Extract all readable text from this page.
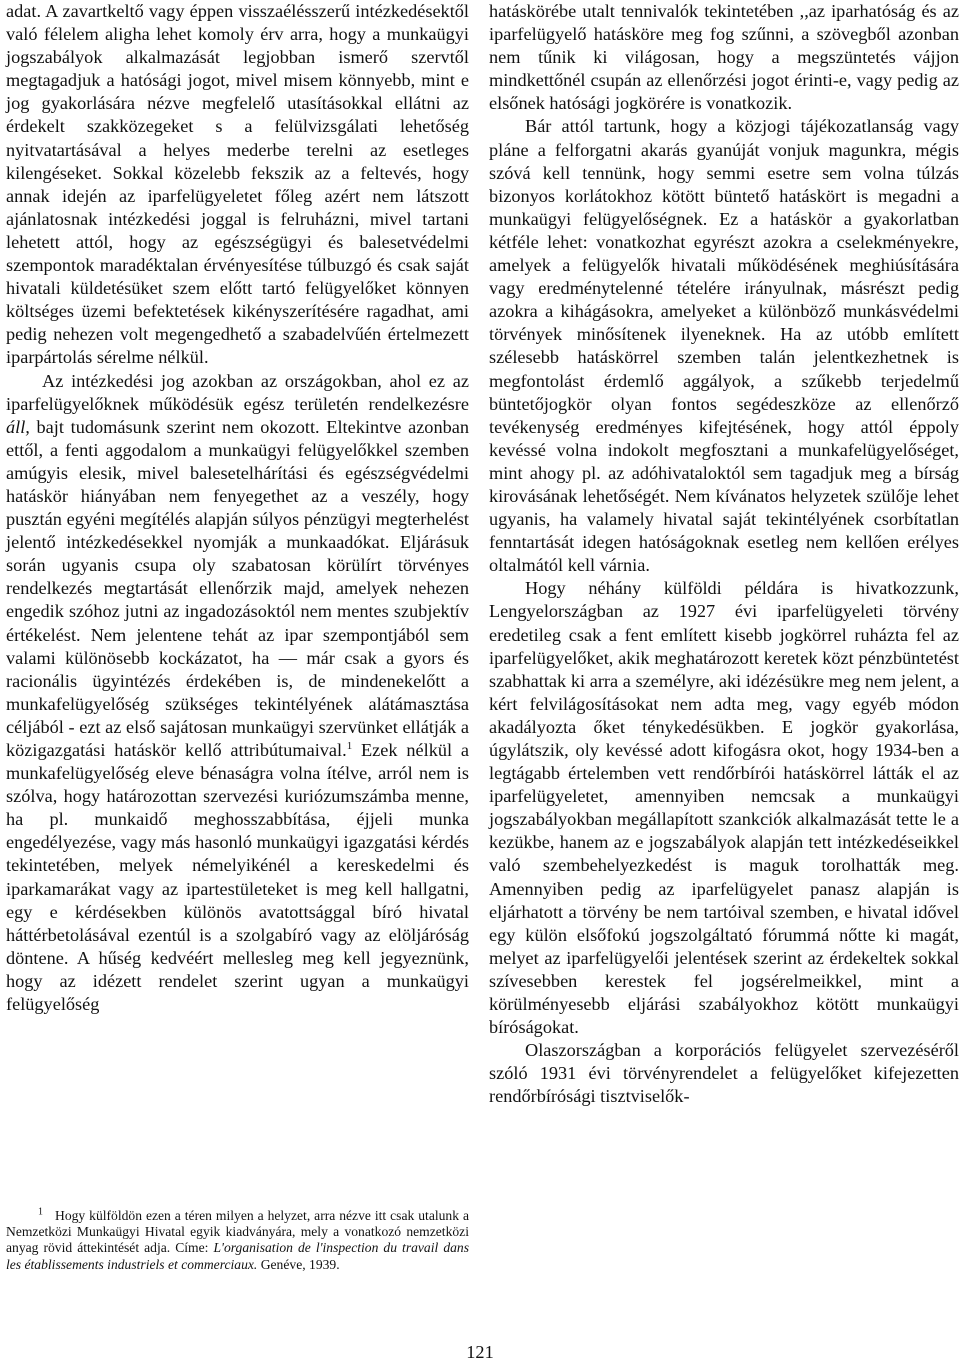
adat. A zavartkeltő vagy éppen visszaélésszerű intézkedésektől való félelem aligha lehet komoly érv arra, hogy a munkaügyi jogszabályok alkalmazását legjobban ismerő szervtől megtagadjuk a hatósági jogot, mivel misem könnyebb, mint e jog gyakorlására nézve megfelelő utasításokkal ellátni az érdekelt szakközegeket s a felülvizsgálati lehetőség nyitvatartásával a helyes mederbe terelni az esetleges kilengéseket. Sokkal közelebb fekszik az a feltevés, hogy annak idején az iparfelügyeletet főleg azért nem látszott ajánlatosnak intézkedési joggal is felruházni, mivel tartani lehetett attól, hogy az egészségügyi és balesetvédelmi szempontok maradéktalan érvényesítése túlbuzgó és csak saját hivatali küldetésüket szem előtt tartó felügyelőket könnyen költséges üzemi befektetések kikényszerítésére ragadhat, ami pedig nehezen volt megengedhető a szabadelvűén értelmezett iparpártolás sérelme nélkül.

Az intézkedési jog azokban az országokban, ahol ez az iparfelügyelőknek működésük egész területén rendelkezésre áll, bajt tudomásunk szerint nem okozott. Eltekintve azonban ettől, a fenti aggodalom a munkaügyi felügyelőkkel szemben amúgyis elesik, mivel balesetelhárítási és egészségvédelmi hatáskör hiányában nem fenyegethet az a veszély, hogy pusztán egyéni megítélés alapján súlyos pénzügyi megterhelést jelentő intézkedésekkel nyomják a munkaadókat. Eljárásuk során ugyanis csupa oly szabatosan körülírt törvényes rendelkezés megtartását ellenőrzik majd, amelyek nehezen engedik szóhoz jutni az ingadozásoktól nem mentes szubjektív értékelést. Nem jelentene tehát az ipar szempontjából sem valami különösebb kockázatot, ha — már csak a gyors és racionális ügyintézés érdekében is, de mindenekelőtt a munkafelügyelőség szükséges tekintélyének alátámasztása céljából - ezt az első sajátosan munkaügyi szervünket ellátják a közigazgatási hatáskör kellő attribútumaival.$^1$ Ezek nélkül a munkafelügyelőség eleve bénaságra volna ítélve, arról nem is szólva, hogy határozottan szervezési kuriózumszámba menne, ha pl. munkaidő meghosszabbítása, éjjeli munka engedélyezése, vagy más hasonló munkaügyi igazgatási kérdés tekintetében, melyek némelyikénél a kereskedelmi és iparkamarákat vagy az ipartestületeket is meg kell hallgatni, egy e kérdésekben különös avatottsággal bíró hivatal háttérbetolásával ezentúl is a szolgabíró vagy az elöljáróság döntene. A hűség kedvéért mellesleg meg kell jegyeznünk, hogy az idézett rendelet szerint ugyan a munkaügyi felügyelőség

$^1$ Hogy külföldön ezen a téren milyen a helyzet, arra nézve itt csak utalunk a Nemzetközi Munkaügyi Hivatal egyik kiadványára, mely a vonatkozó nemzetközi anyag rövid áttekintését adja. Címe: L'organisation de l'inspection du travail dans les établissements industriels et commerciaux. Genéve, 1939.

hatáskörébe utalt tennivalók tekintetében ,,az iparhatóság és az iparfelügyelő hatásköre meg fog szűnni, a szövegből azonban nem tűnik ki világosan, hogy a megszüntetés vájjon mindkettőnél csupán az ellenőrzési jogot érinti-e, vagy pedig az elsőnek hatósági jogkörére is vonatkozik.

Bár attól tartunk, hogy a közjogi tájékozatlanság vagy pláne a felforgatni akarás gyanúját vonjuk magunkra, mégis szóvá kell tennünk, hogy semmi esetre sem volna túlzás bizonyos korlátokhoz kötött büntető hatáskört is megadni a munkaügyi felügyelőségnek. Ez a hatáskör a gyakorlatban kétféle lehet: vonatkozhat egyrészt azokra a cselekményekre, amelyek a felügyelők hivatali működésének meghiúsítására vagy eredménytelenné tételére irányulnak, másrészt pedig azokra a kihágásokra, amelyeket a különböző munkásvédelmi törvények minősítenek ilyeneknek. Ha az utóbb említett szélesebb hatáskörrel szemben talán jelentkezhetnek is megfontolást érdemlő aggályok, a szűkebb terjedelmű büntetőjogkör olyan fontos segédeszköze az ellenőrző tevékenység eredményes kifejtésének, hogy attól éppoly kevéssé volna indokolt megfosztani a munkafelügyelőséget, mint ahogy pl. az adóhivataloktól sem tagadjuk meg a bírság kirovásának lehetőségét. Nem kívánatos helyzetek szülője lehet ugyanis, ha valamely hivatal saját tekintélyének csorbítatlan fenntartását idegen hatóságoknak esetleg nem kellően erélyes oltalmától kell várnia.

Hogy néhány külföldi példára is hivatkozzunk, Lengyelországban az 1927 évi iparfelügyeleti törvény eredetileg csak a fent említett kisebb jogkörrel ruházta fel az iparfelügyelőket, akik meghatározott keretek közt pénzbüntetést szabhattak ki arra a személyre, aki idézésükre meg nem jelent, a kért felvilágosításokat nem adta meg, vagy egyéb módon akadályozta őket ténykedésükben. E jogkör gyakorlása, úgylátszik, oly kevéssé adott kifogásra okot, hogy 1934-ben a legtágabb értelemben vett rendőrbírói hatáskörrel látták el az iparfelügyeletet, amennyiben nemcsak a munkaügyi jogszabályokban megállapított szankciók alkalmazását tette le a kezükbe, hanem az e jogszabályok alapján tett intézkedéseikkel való szembehelyezkedést is maguk torolhatták meg. Amennyiben pedig az iparfelügyelet panasz alapján is eljárhatott a törvény be nem tartóival szemben, e hivatal idővel egy külön elsőfokú jogszolgáltató fórummá nőtte ki magát, melyet az iparfelügyelői jelentések szerint az érdekeltek sokkal szívesebben kerestek fel jogsérelmeikkel, mint a körülményesebb eljárási szabályokhoz kötött munkaügyi bíróságokat.

Olaszországban a korporációs felügyelet szervezéséről szóló 1931 évi törvényrendelet a felügyelőket kifejezetten rendőrbírósági tisztviselők-

121
